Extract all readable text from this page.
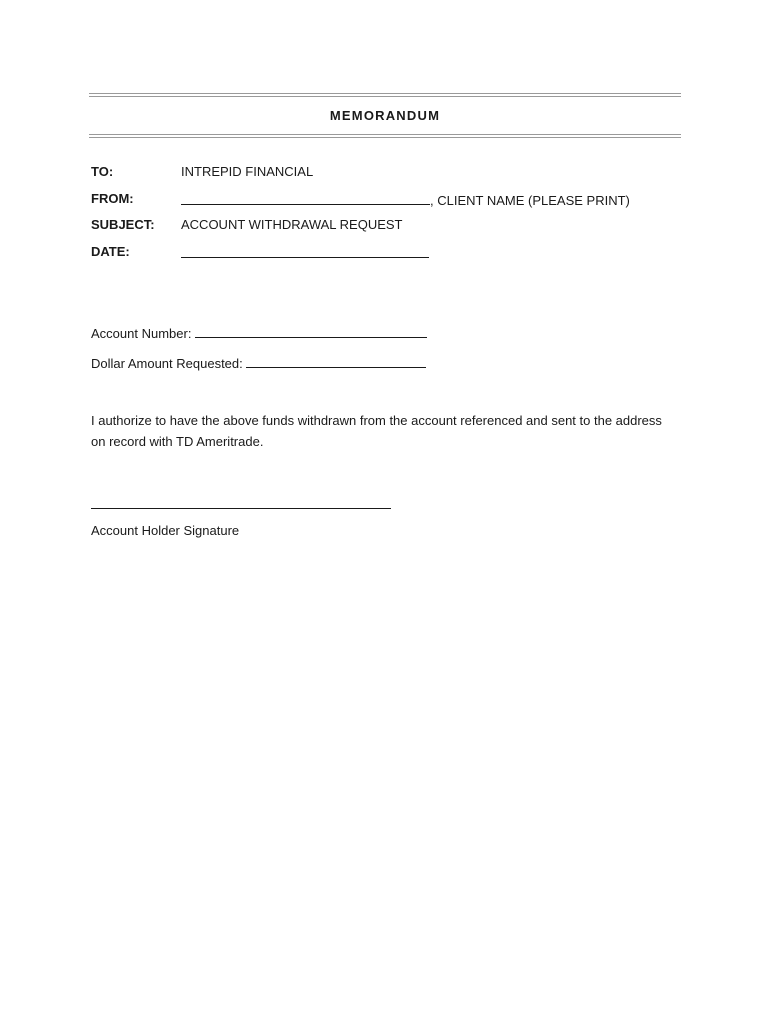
MEMORANDUM
TO:	INTREPID FINANCIAL
FROM:	, CLIENT NAME (PLEASE PRINT)
SUBJECT: ACCOUNT WITHDRAWAL REQUEST
DATE:
Account Number:
Dollar Amount Requested:
I authorize to have the above funds withdrawn from the account referenced and sent to the address on record with TD Ameritrade.
Account Holder Signature
